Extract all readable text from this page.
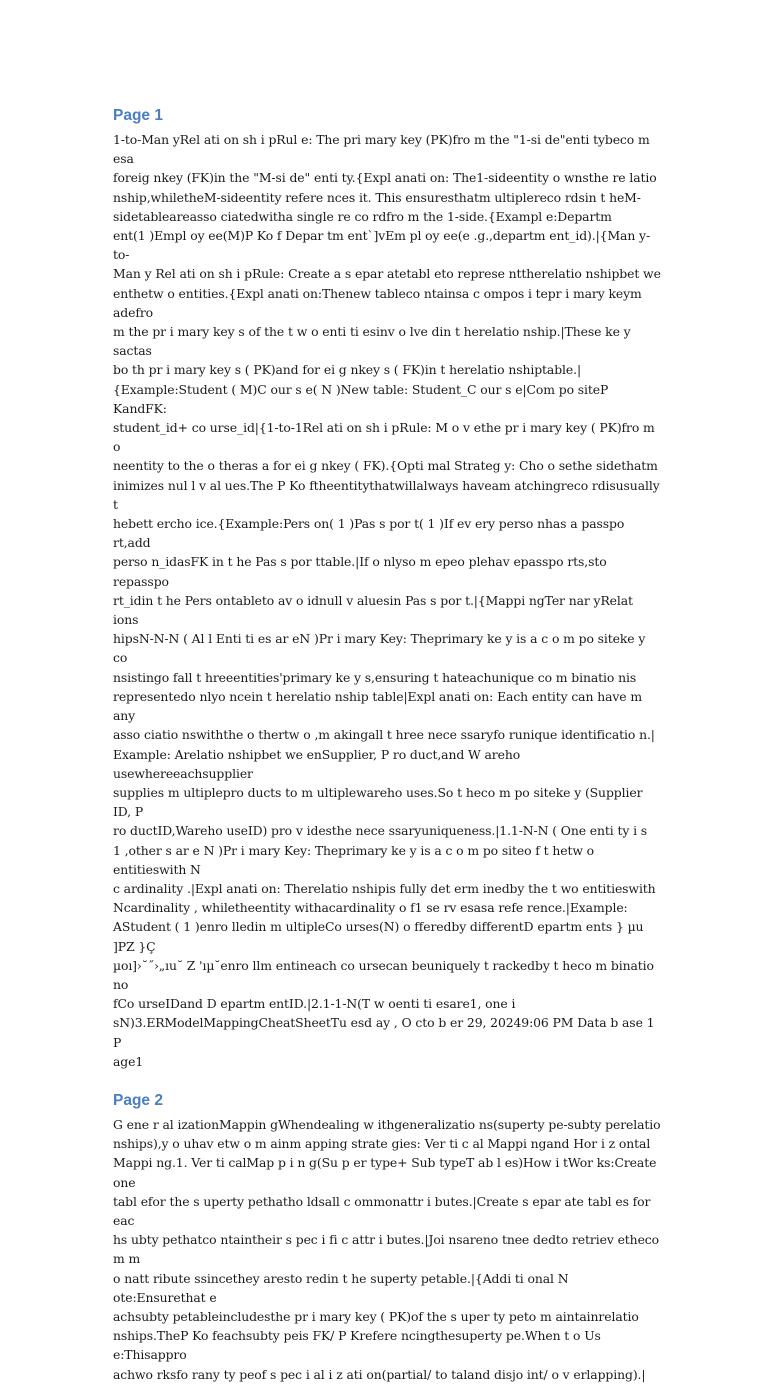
Page 1

1-to-Man yRel ati on sh i pRul e: The pri mary key (PK)fro m the "1-si de"enti tybeco m esa
foreig nkey (FK)in the "M-si de" enti ty.{Expl anati on: The1-sideentity o wnsthe re latio
nship,whiletheM-sideentity refere nces it. This ensuresthatm ultiplereco rdsin t heM-
sidetableareasso ciatedwitha single re co rdfro m the 1-side.{Exampl e:Departm
ent(1 )Empl oy ee(M)P Ko f Depar tm ent`]vEm pl oy ee(e .g.,departm ent_id).|{Man y-to-
Man y Rel ati on sh i pRule: Create a s epar atetabl eto represe nttherelatio nshipbet we
enthetw o entities.{Expl anati on:Thenew tableco ntainsa c ompos i tepr i mary keym adefro
m the pr i mary key s of the t w o enti ti esinv o lve din t herelatio nship.|These ke y sactas
bo th pr i mary key s ( PK)and for ei g nkey s ( FK)in t herelatio nshiptable.|
{Example:Student ( M)C our s e( N )New table: Student_C our s e|Com po siteP KandFK:
student_id+ co urse_id|{1-to-1Rel ati on sh i pRule: M o v ethe pr i mary key ( PK)fro m o
neentity to the o theras a for ei g nkey ( FK).{Opti mal Strateg y: Cho o sethe sidethatm
inimizes nul l v al ues.The P Ko ftheentitythatwillalways haveam atchingreco rdisusually t
hebett ercho ice.{Example:Pers on( 1 )Pas s por t( 1 )If ev ery perso nhas a passpo rt,add
perso n_idasFK in t he Pas s por ttable.|If o nlyso m epeo plehav epasspo rts,sto repasspo
rt_idin t he Pers ontableto av o idnull v aluesin Pas s por t.|{Mappi ngTer nar yRelat ions
hipsN-N-N ( Al l Enti ti es ar eN )Pr i mary Key: Theprimary ke y is a c o m po siteke y co
nsistingo fall t hreeentities'primary ke y s,ensuring t hateachunique co m binatio nis
representedo nlyo ncein t herelatio nship table|Expl anati on: Each entity can have m any
asso ciatio nswiththe o thertw o ,m akingall t hree nece ssaryfo runique identificatio n.|
Example: Arelatio nshipbet we enSupplier, P ro duct,and W areho usewhereeachsupplier
supplies m ultiplepro ducts to m ultiplewareho uses.So t heco m po siteke y (Supplier ID, P
ro ductID,Wareho useID) pro v idesthe nece ssaryuniqueness.|1.1-N-N ( One enti ty i s
1 ,other s ar e N )Pr i mary Key: Theprimary ke y is a c o m po siteo f t hetw o entitieswith N
c ardinality .|Expl anati on: Therelatio nshipis fully det erm inedby the t wo entitieswith
Ncardinality , whiletheentity withacardinality o f1 se rv esasa refe rence.|Example:
AStudent ( 1 )enro lledin m ultipleCo urses(N) o fferedby differentD epartm ents } µu ]PZ }Ç
µoı]›˘˝›„ıu˘ Z 'ıµ˘enro llm entineach co ursecan beuniquely t rackedby t heco m binatio no
fCo urseIDand D epartm entID.|2.1-1-N(T w oenti ti esare1, one i
sN)3.ERModelMappingCheatSheetTu esd ay , O cto b er 29, 20249:06 PM Data b ase 1 P
age1

Page 2

G ene r al izationMappin gWhendealing w ithgeneralizatio ns(superty pe-subty perelatio
nships),y o uhav etw o m ainm apping strate gies: Ver ti c al Mappi ngand Hor i z ontal
Mappi ng.1. Ver ti calMap p i n g(Su p er type+ Sub typeT ab l es)How i tWor ks:Create one
tabl efor the s uperty pethatho ldsall c ommonattr i butes.|Create s epar ate tabl es for eac
hs ubty pethatco ntaintheir s pec i fi c attr i butes.|Joi nsareno tnee dedto retriev etheco m m
o natt ribute ssincethey aresto redin t he superty petable.|{Addi ti onal N ote:Ensurethat e
achsubty petableincludesthe pr i mary key ( PK)of the s uper ty peto m aintainrelatio
nships.TheP Ko feachsubty peis FK/ P Krefere ncingthesuperty pe.When t o Us e:Thisappro
achwo rksfo rany ty peof s pec i al i z ati on(partial/ to taland disjo int/ o v erlapping).|
